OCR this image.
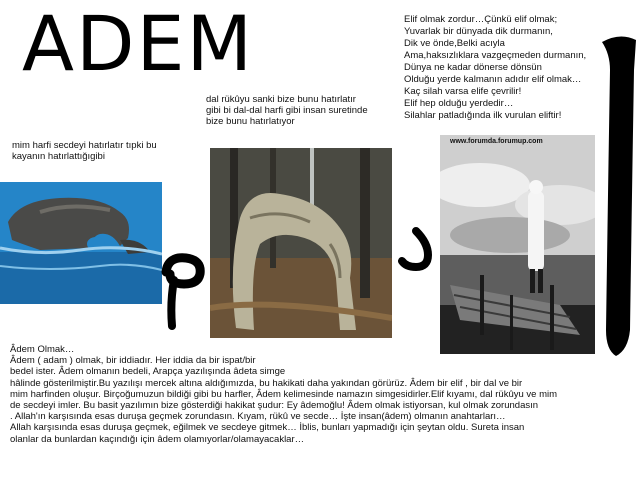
ADEM
mim harfi secdeyi hatırlatır tıpki bu
kayanın hatırlattığıgibi
dal rükûyu sanki bize bunu hatırlatır
gibi bi dal-dal harfi gibi insan suretinde
bize bunu hatırlatıyor
Elif olmak zordur…Çünkü elif olmak;
Yuvarlak bir dünyada dik durmanın,
Dik ve önde,Belki acıyla
Ama,haksızlıklara vazgeçmeden durmanın,
Dünya ne kadar dönerse dönsün
Olduğu yerde kalmanın adıdır elif olmak…
Kaç silah varsa elife çevrilir!
Elif hep olduğu yerdedir…
Silahlar patladığında ilk vurulan eliftir!
www.forumda.forumup.com
Âdem Olmak…
Âdem ( adam ) olmak, bir iddiadır. Her iddia da bir ispat/bir
bedel ister. Âdem olmanın bedeli, Arapça yazılışında âdeta simge
hâlinde gösterilmiştir.Bu yazılışı mercek altına aldığımızda, bu hakikati daha yakından görürüz. Âdem bir elif , bir dal ve bir
mim harfinden oluşur. Birçoğumuzun bildiği gibi bu harfler, Âdem kelimesinde namazın simgesidirler.Elif kıyamı, dal rükûyu ve mim
de secdeyi imler. Bu basit yazılımın bize gösterdiği hakikat şudur: Ey âdemoğlu! Âdem olmak istiyorsan, kul olmak zorundasın
. Allah'ın karşısında esas duruşa geçmek zorundasın. Kıyam, rükû ve secde… İşte insan(âdem) olmanın anahtarları…
Allah karşısında esas duruşa geçmek, eğilmek ve secdeye gitmek… İblis, bunları yapmadığı için şeytan oldu. Sureta insan
olanlar da bunlardan kaçındığı için âdem olamıyorlar/olamayacaklar…
